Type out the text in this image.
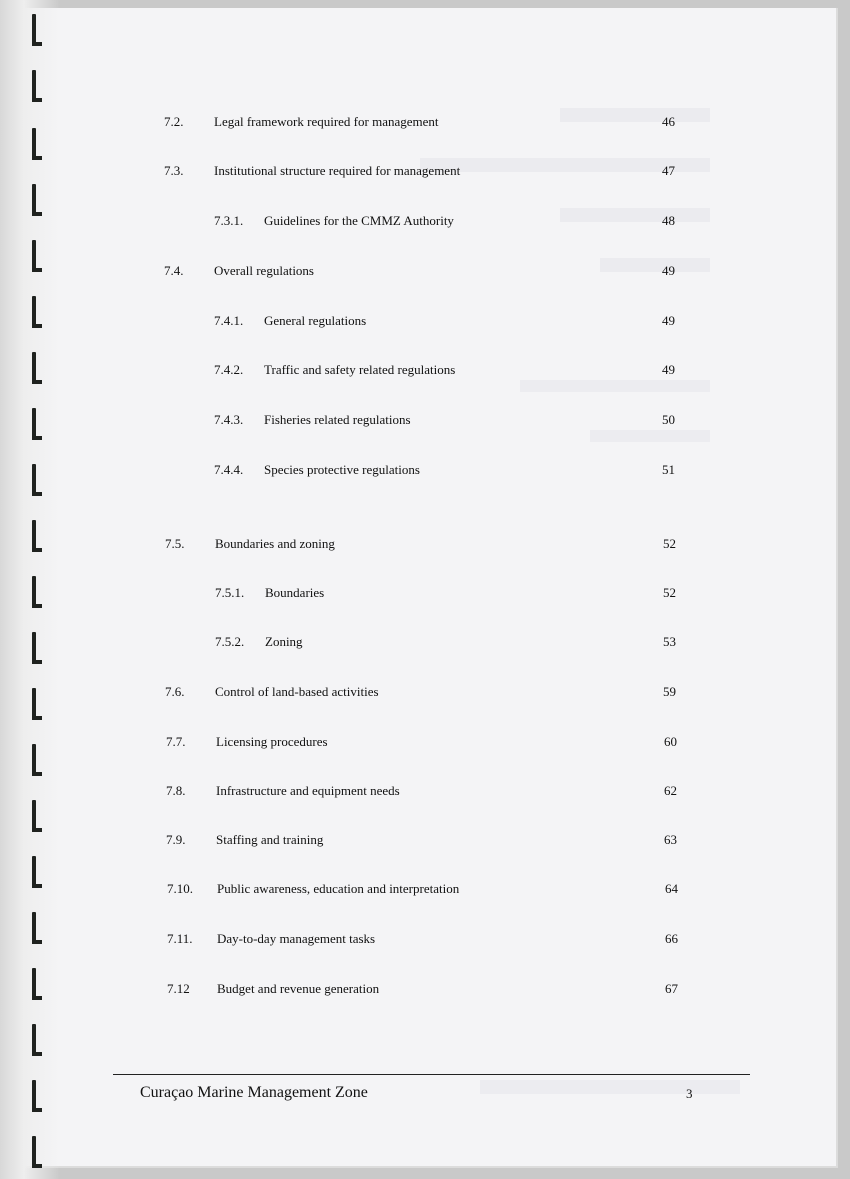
7.2. Legal framework required for management	46
7.3. Institutional structure required for management	47
7.3.1. Guidelines for the CMMZ Authority	48
7.4. Overall regulations	49
7.4.1. General regulations	49
7.4.2. Traffic and safety related regulations	49
7.4.3. Fisheries related regulations	50
7.4.4. Species protective regulations	51
7.5. Boundaries and zoning	52
7.5.1. Boundaries	52
7.5.2. Zoning	53
7.6. Control of land-based activities	59
7.7. Licensing procedures	60
7.8. Infrastructure and equipment needs	62
7.9. Staffing and training	63
7.10. Public awareness, education and interpretation	64
7.11. Day-to-day management tasks	66
7.12 Budget and revenue generation	67
Curaçao Marine Management Zone	3
